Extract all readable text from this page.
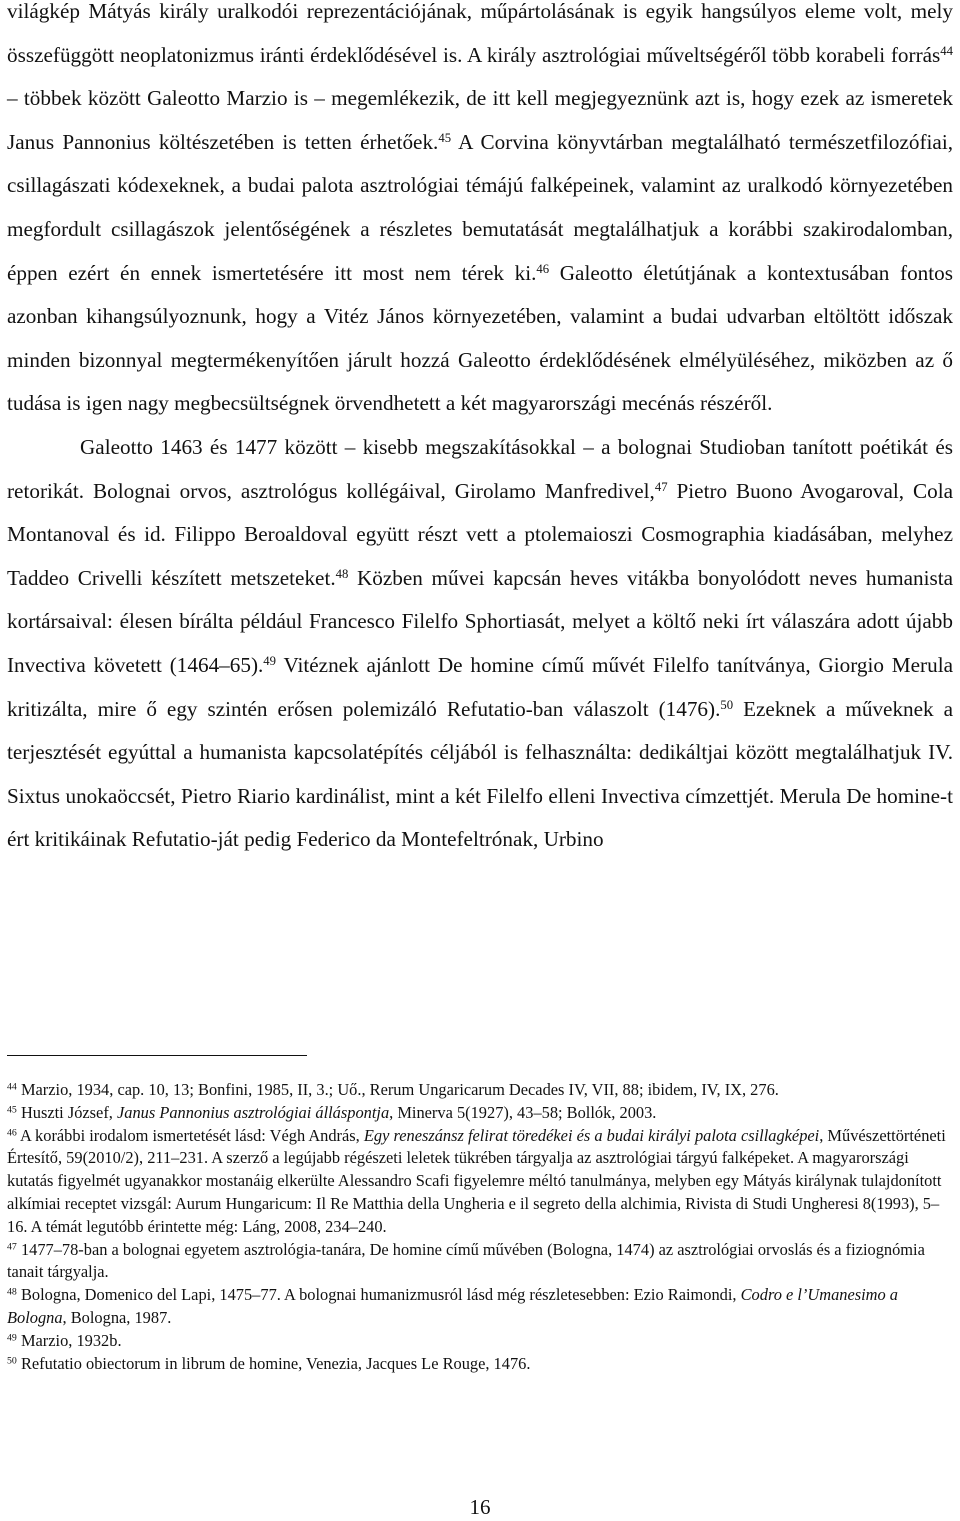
világkép Mátyás király uralkodói reprezentációjának, műpártolásának is egyik hangsúlyos eleme volt, mely összefüggött neoplatonizmus iránti érdeklődésével is. A király asztrológiai műveltségéről több korabeli forrás$^{44}$ – többek között Galeotto Marzio is – megemlékezik, de itt kell megjegyeznünk azt is, hogy ezek az ismeretek Janus Pannonius költészetében is tetten érhetőek.$^{45}$ A Corvina könyvtárban megtalálható természetfilozófiai, csillagászati kódexeknek, a budai palota asztrológiai témájú falképeinek, valamint az uralkodó környezetében megfordult csillagászok jelentőségének a részletes bemutatását megtalálhatjuk a korábbi szakirodalomban, éppen ezért én ennek ismertetésére itt most nem térek ki.$^{46}$ Galeotto életútjának a kontextusában fontos azonban kihangsúlyoznunk, hogy a Vitéz János környezetében, valamint a budai udvarban eltöltött időszak minden bizonnyal megtermékenyítően járult hozzá Galeotto érdeklődésének elmélyüléséhez, miközben az ő tudása is igen nagy megbecsültségnek örvendhetett a két magyarországi mecénás részéről.

Galeotto 1463 és 1477 között – kisebb megszakításokkal – a bolognai Studioban tanított poétikát és retorikát. Bolognai orvos, asztrológus kollégáival, Girolamo Manfredivel,$^{47}$ Pietro Buono Avogaroval, Cola Montanoval és id. Filippo Beroaldoval együtt részt vett a ptolemaioszi Cosmographia kiadásában, melyhez Taddeo Crivelli készített metszeteket.$^{48}$ Közben művei kapcsán heves vitákba bonyolódott neves humanista kortársaival: élesen bírálta például Francesco Filelfo Sphortiasát, melyet a költő neki írt válaszára adott újabb Invectiva követett (1464–65).$^{49}$ Vitéznek ajánlott De homine című művét Filelfo tanítványa, Giorgio Merula kritizálta, mire ő egy szintén erősen polemizáló Refutatio-ban válaszolt (1476).$^{50}$ Ezeknek a műveknek a terjesztését egyúttal a humanista kapcsolatépítés céljából is felhasználta: dedikáltjai között megtalálhatjuk IV. Sixtus unokaöccsét, Pietro Riario kardinálist, mint a két Filelfo elleni Invectiva címzettjét. Merula De homine-t ért kritikáinak Refutatio-ját pedig Federico da Montefeltrónak, Urbino

$^{44}$ Marzio, 1934, cap. 10, 13; Bonfini, 1985, II, 3.; Uő., Rerum Ungaricarum Decades IV, VII, 88; ibidem, IV, IX, 276.

$^{45}$ Huszti József, Janus Pannonius asztrológiai álláspontja, Minerva 5(1927), 43–58; Bollók, 2003.

$^{46}$ A korábbi irodalom ismertetését lásd: Végh András, Egy reneszánsz felirat töredékei és a budai királyi palota csillagképei, Művészettörténeti Értesítő, 59(2010/2), 211–231. A szerző a legújabb régészeti leletek tükrében tárgyalja az asztrológiai tárgyú falképeket. A magyarországi kutatás figyelmét ugyanakkor mostanáig elkerülte Alessandro Scafi figyelemre méltó tanulmánya, melyben egy Mátyás királynak tulajdonított alkímiai receptet vizsgál: Aurum Hungaricum: Il Re Matthia della Ungheria e il segreto della alchimia, Rivista di Studi Ungheresi 8(1993), 5–16. A témát legutóbb érintette még: Láng, 2008, 234–240.

$^{47}$ 1477–78-ban a bolognai egyetem asztrológia-tanára, De homine című művében (Bologna, 1474) az asztrológiai orvoslás és a fiziognómia tanait tárgyalja.

$^{48}$ Bologna, Domenico del Lapi, 1475–77. A bolognai humanizmusról lásd még részletesebben: Ezio Raimondi, Codro e l’Umanesimo a Bologna, Bologna, 1987.

$^{49}$ Marzio, 1932b.

$^{50}$ Refutatio obiectorum in librum de homine, Venezia, Jacques Le Rouge, 1476.

16
